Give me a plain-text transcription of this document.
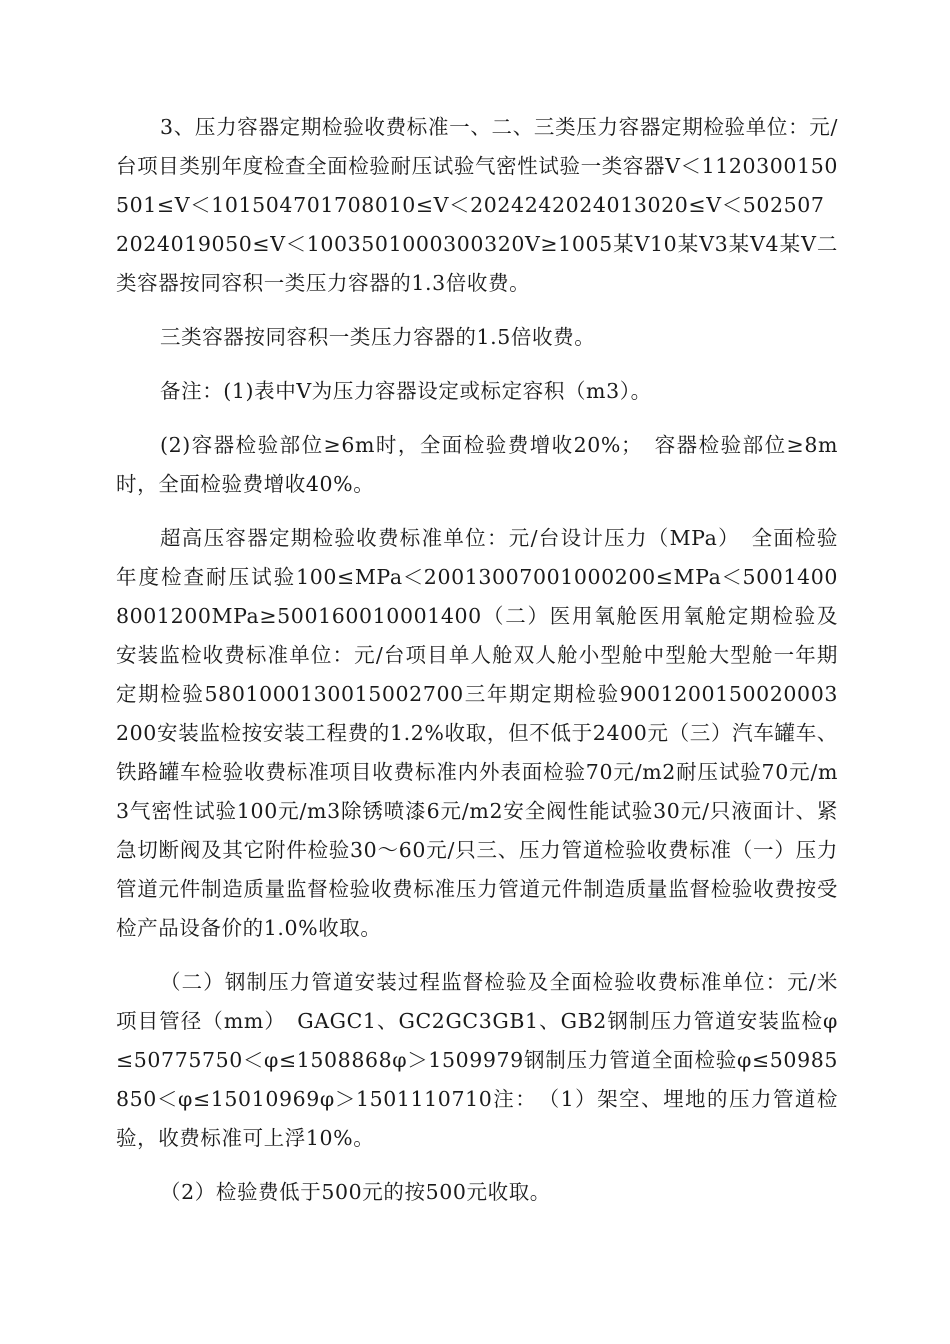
3、压力容器定期检验收费标准一、二、三类压力容器定期检验单位：元/台项目类别年度检查全面检验耐压试验气密性试验一类容器V＜1120300150501≤V＜101504701708010≤V＜2024242024013020≤V＜5025072024019050≤V＜1003501000300320V≥1005某V10某V3某V4某V二类容器按同容积一类压力容器的1.3倍收费。

三类容器按同容积一类压力容器的1.5倍收费。

备注：(1)表中V为压力容器设定或标定容积（m3）。

(2)容器检验部位≥6m时，全面检验费增收20%；　容器检验部位≥8m时，全面检验费增收40%。

超高压容器定期检验收费标准单位：元/台设计压力（MPa）　全面检验年度检查耐压试验100≤MPa＜20013007001000200≤MPa＜50014008001200MPa≥500160010001400（二）医用氧舱医用氧舱定期检验及安装监检收费标准单位：元/台项目单人舱双人舱小型舱中型舱大型舱一年期定期检验5801000130015002700三年期定期检验9001200150020003200安装监检按安装工程费的1.2%收取，但不低于2400元（三）汽车罐车、铁路罐车检验收费标准项目收费标准内外表面检验70元/m2耐压试验70元/m3气密性试验100元/m3除锈喷漆6元/m2安全阀性能试验30元/只液面计、紧急切断阀及其它附件检验30～60元/只三、压力管道检验收费标准（一）压力管道元件制造质量监督检验收费标准压力管道元件制造质量监督检验收费按受检产品设备价的1.0%收取。

（二）钢制压力管道安装过程监督检验及全面检验收费标准单位：元/米项目管径（mm）　GAGC1、GC2GC3GB1、GB2钢制压力管道安装监检φ≤50775750＜φ≤1508868φ＞1509979钢制压力管道全面检验φ≤50985850＜φ≤15010969φ＞1501110710注：　（1）架空、埋地的压力管道检验，收费标准可上浮10%。

（2）检验费低于500元的按500元收取。
